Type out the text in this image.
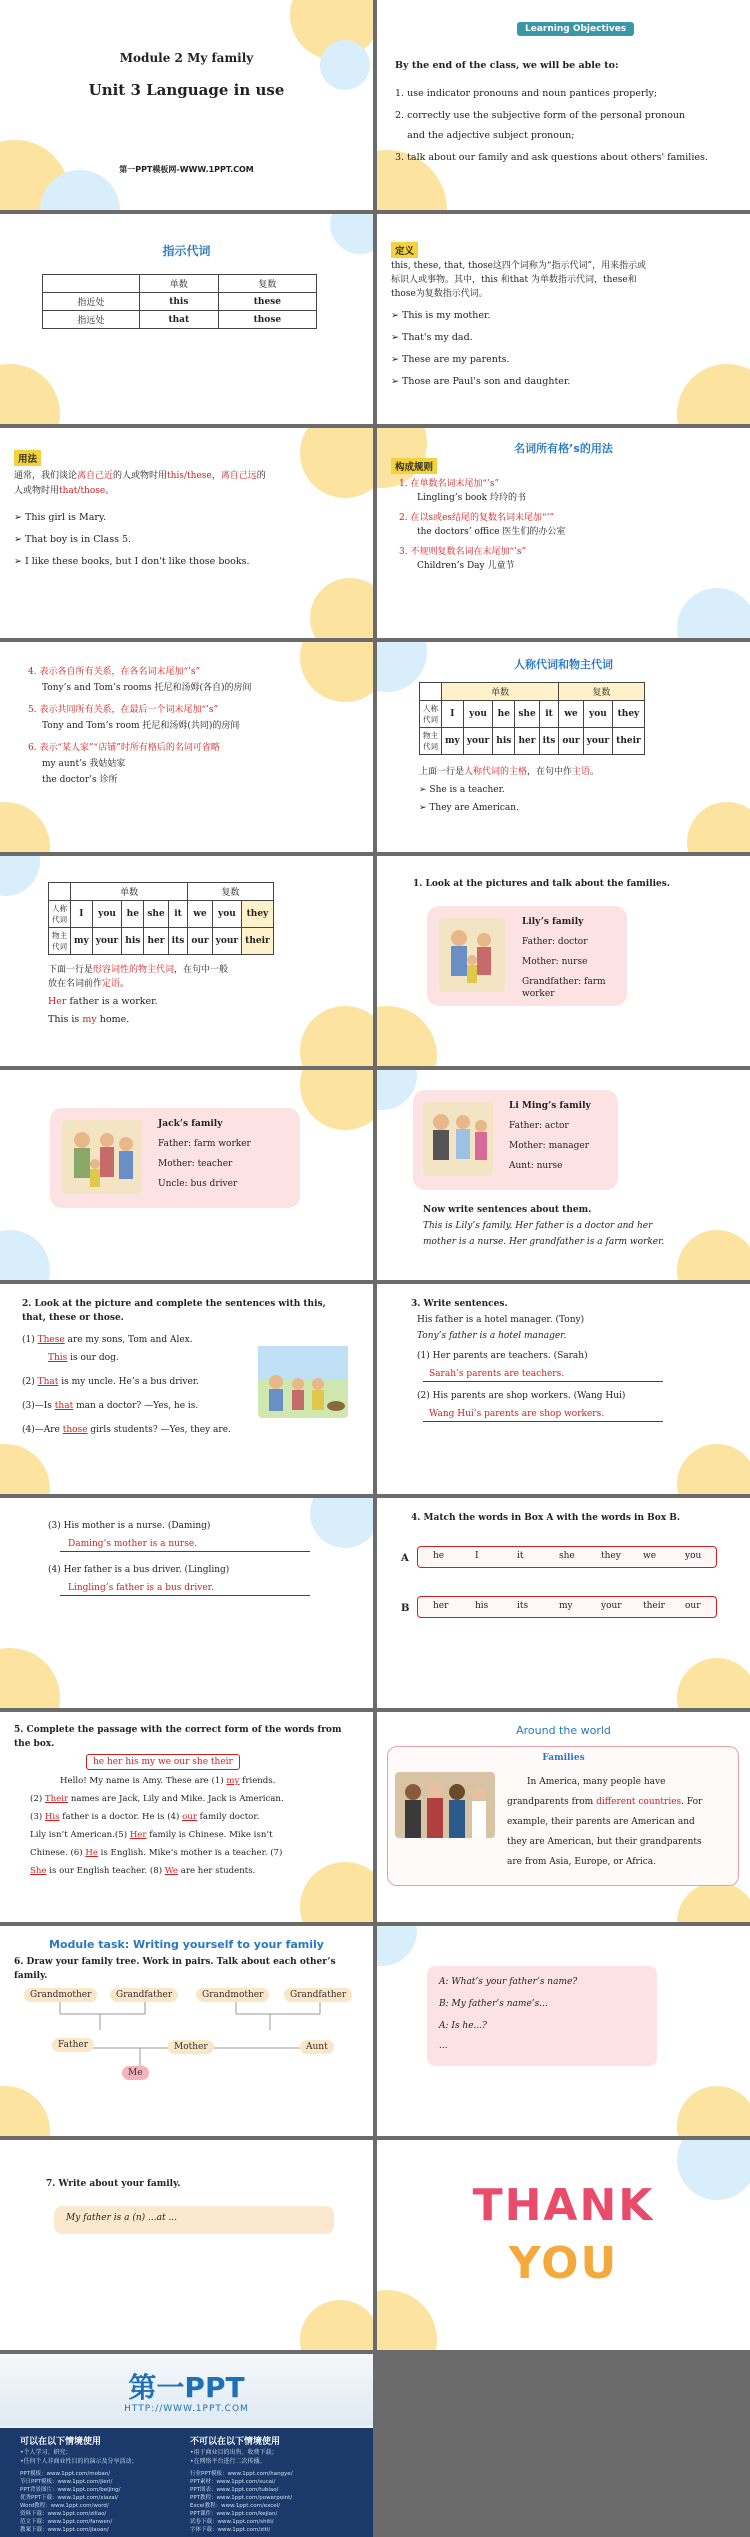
Module 2 My family
Unit 3 Language in use
第一PPT模板网-WWW.1PPT.COM
Learning Objectives
By the end of the class, we will be able to:
1. use indicator pronouns and noun pantices properly;
2. correctly use the subjective form of the personal pronoun
and the adjective subject pronoun;
3. talk about our family and ask questions about others' families.
指示代词
	单数	复数
指近处	this	these
指远处	that	those
定义
this, these, that, those这四个词称为“指示代词”，用来指示或
标识人或事物。其中，this 和that 为单数指示代词，these和
those为复数指示代词。
➢ This is my mother.
➢ That's my dad.
➢ These are my parents.
➢ Those are Paul's son and daughter.
用法
通常，我们谈论离自己近的人或物时用this/these，离自己远的
人或物时用that/those。
➢ This girl is Mary.
➢ That boy is in Class 5.
➢ I like these books, but I don't like those books.
名词所有格’s的用法
构成规则
1. 在单数名词末尾加“’s”
Lingling’s book 玲玲的书
2. 在以s或es结尾的复数名词末尾加“’”
the doctors’ office 医生们的办公室
3. 不规则复数名词在末尾加“’s”
Children’s Day 儿童节
4. 表示各自所有关系，在各名词末尾加“’s”
Tony’s and Tom’s rooms 托尼和汤姆(各自)的房间
5. 表示共同所有关系，在最后一个词末尾加“’s”
Tony and Tom’s room 托尼和汤姆(共同)的房间
6. 表示“某人家”“店铺”时所有格后的名词可省略
my aunt’s 我姑姑家
the doctor’s 诊所
人称代词和物主代词
	单数					复数		
人称代词	I	you	he	she	it	we	you	they
物主代词	my	your	his	her	its	our	your	their
上面一行是人称代词的主格，在句中作主语。
➢ She is a teacher.
➢ They are American.
	单数					复数		
人称代词	I	you	he	she	it	we	you	they
物主代词	my	your	his	her	its	our	your	their
下面一行是形容词性的物主代词，在句中一般
放在名词前作定语。
Her father is a worker.
This is my home.
1. Look at the pictures and talk about the families.
Lily’s family
Father: doctor
Mother: nurse
Grandfather: farm worker
Jack’s family
Father: farm worker
Mother: teacher
Uncle: bus driver
Li Ming’s family
Father: actor
Mother: manager
Aunt: nurse
Now write sentences about them.
This is Lily’s family. Her father is a doctor and her
mother is a nurse. Her grandfather is a farm worker.
2. Look at the picture and complete the sentences with this,
that, these or those.
(1) These are my sons, Tom and Alex.
This is our dog.
(2) That is my uncle. He’s a bus driver.
(3)—Is that man a doctor? —Yes, he is.
(4)—Are those girls students? —Yes, they are.
3. Write sentences.
His father is a hotel manager. (Tony)
Tony’s father is a hotel manager.
(1) Her parents are teachers. (Sarah)
Sarah’s parents are teachers.
(2) His parents are shop workers. (Wang Hui)
Wang Hui’s parents are shop workers.
(3) His mother is a nurse. (Daming)
Daming’s mother is a nurse.
(4) Her father is a bus driver. (Lingling)
Lingling’s father is a bus driver.
4. Match the words in Box A with the words in Box B.
A
B
he	I	it	she	they we	you
her	his	its	my	your their our
5. Complete the passage with the correct form of the words from
the box.
he her his my we our she their
Hello! My name is Amy. These are (1) my friends.
(2) Their names are Jack, Lily and Mike. Jack is American.
(3) His father is a doctor. He is (4) our family doctor.
Lily isn’t American.(5) Her family is Chinese. Mike isn’t
Chinese. (6) He is English. Mike’s mother is a teacher. (7)
She is our English teacher. (8) We are her students.
Around the world
Families
In America, many people have
grandparents from different countries. For
example, their parents are American and
they are American, but their grandparents
are from Asia, Europe, or Africa.
Module task: Writing yourself to your family
6. Draw your family tree. Work in pairs. Talk about each other’s
family.
Grandmother	Grandfather	Grandmother	Grandfather
Father	Mother	Aunt
Me
A: What’s your father’s name?
B: My father’s name’s...
A: Is he...?
...
7. Write about your family.
My father is a (n) ...at ...	THANK
YOU
第一PPT
HTTP://WWW.1PPT.COM
可以在以下情境使用	不可以在以下情境使用
•个人学习、研究；
•任何个人非商业性目的的演示及分享活动；
•用于商业目的出售、收费下载；
•在网络平台进行二次传播。
PPT模板：www.1ppt.com/moban/
节日PPT模板：www.1ppt.com/jieri/
PPT背景图片：www.1ppt.com/beijing/
优秀PPT下载：www.1ppt.com/xiazai/
Word教程：www.1ppt.com/word/
资料下载：www.1ppt.com/ziliao/
范文下载：www.1ppt.com/fanwen/
教案下载：www.1ppt.com/jiaoan/
行业PPT模板：www.1ppt.com/hangye/
PPT素材：www.1ppt.com/sucai/
PPT图表：www.1ppt.com/tubiao/
PPT教程：www.1ppt.com/powerpoint/
Excel教程：www.1ppt.com/excel/
PPT课件：www.1ppt.com/kejian/
试卷下载：www.1ppt.com/shiti/
字体下载：www.1ppt.com/ziti/
